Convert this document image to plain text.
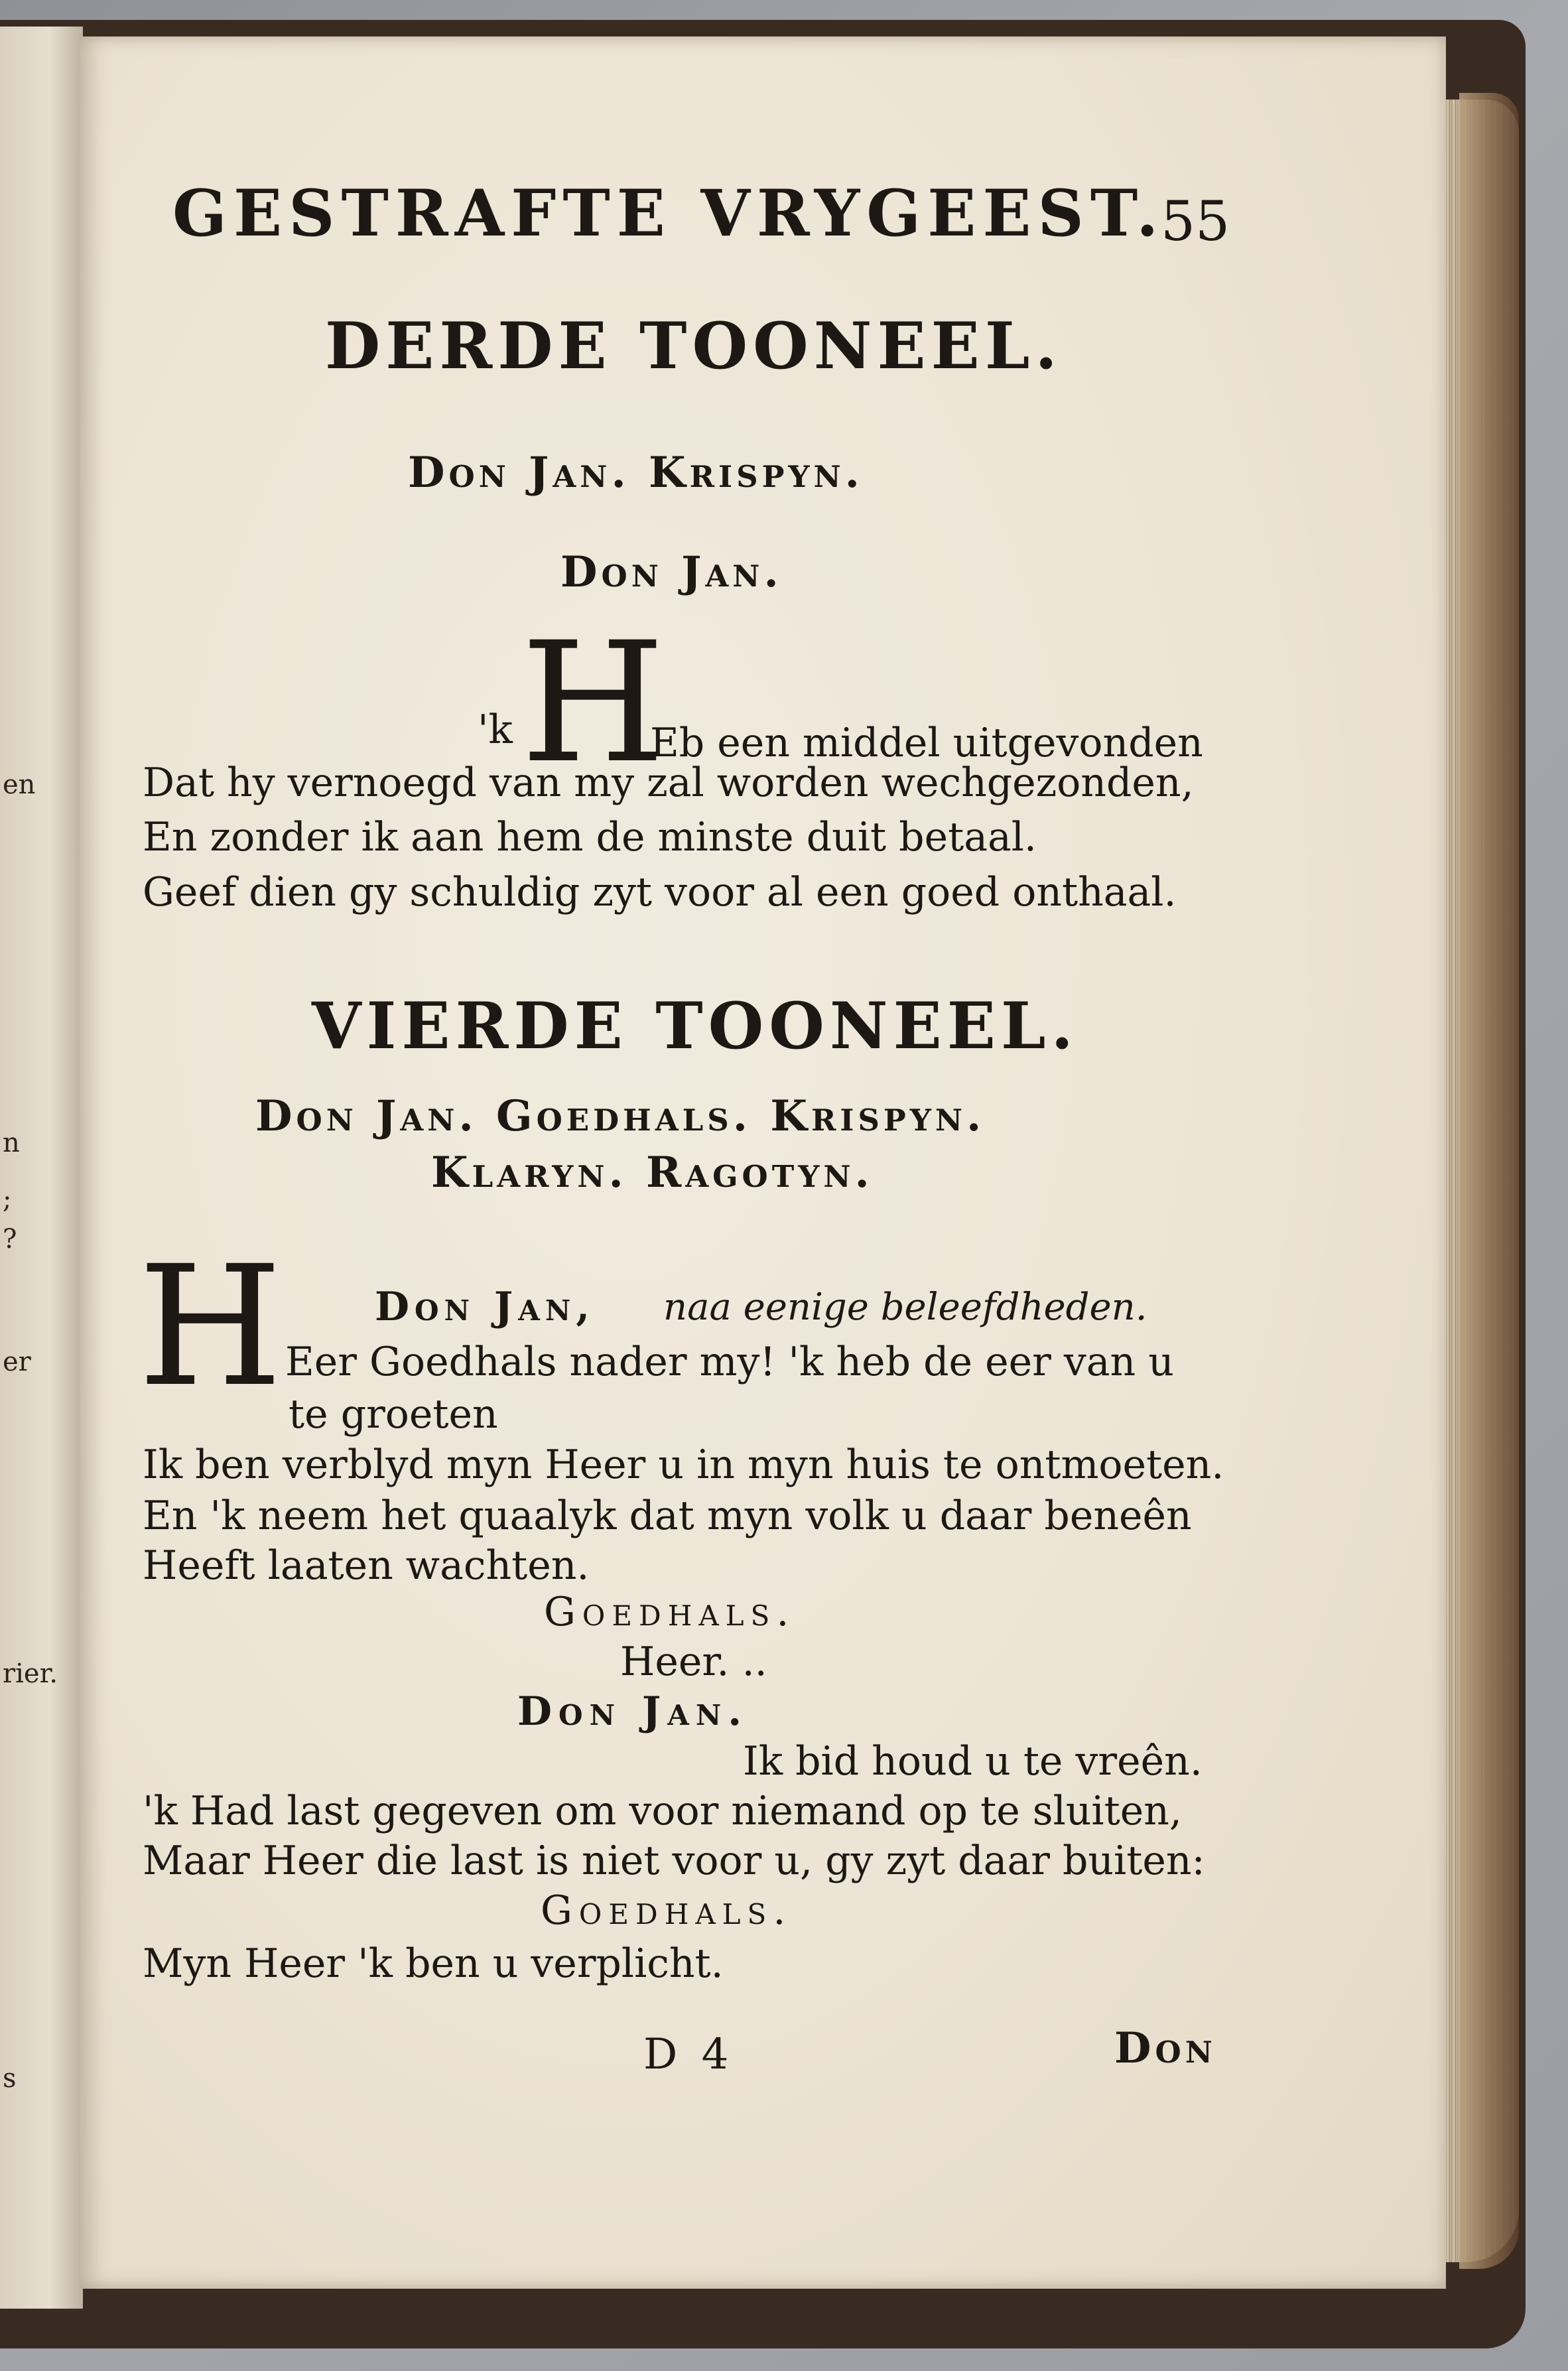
en
n
;
?
er
rier.
s
GESTRAFTE VRYGEEST.
55
DERDE TOONEEL.
Don Jan. Krispyn.
Don Jan.
H
'k	Eb een middel uitgevonden
Dat hy vernoegd van my zal worden wechgezonden,
En zonder ik aan hem de minste duit betaal.
Geef dien gy schuldig zyt voor al een goed onthaal.
VIERDE TOONEEL.
Don Jan. Goedhals. Krispyn.
Klaryn. Ragotyn.
H Don Jan, naa eenige beleefdheden.
Eer Goedhals nader my! 'k heb de eer van u
te groeten
Ik ben verblyd myn Heer u in myn huis te ontmoeten.
En 'k neem het quaalyk dat myn volk u daar beneên
Heeft laaten wachten.
Goedhals.
Heer. ..
Don Jan.
Ik bid houd u te vreên.
'k Had last gegeven om voor niemand op te sluiten,
Maar Heer die last is niet voor u, gy zyt daar buiten:
Goedhals.
Myn Heer 'k ben u verplicht.
D 4	Don
